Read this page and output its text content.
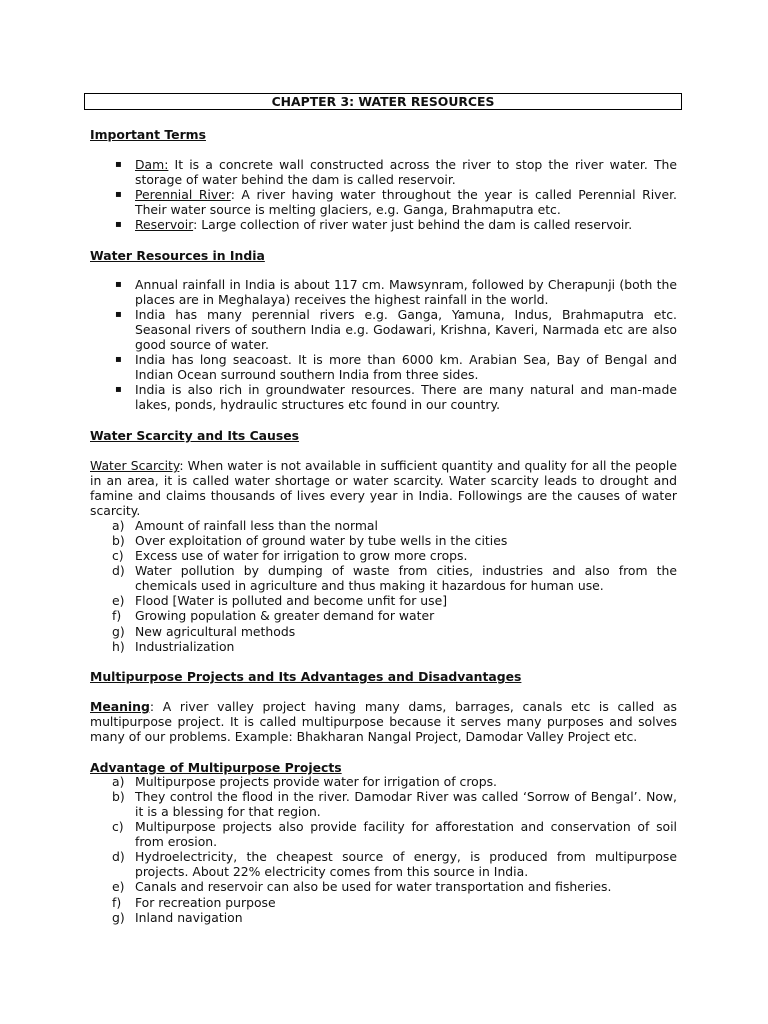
CHAPTER 3: WATER RESOURCES
Important Terms
▪ Dam: It is a concrete wall constructed across the river to stop the river water. The storage of water behind the dam is called reservoir.
▪ Perennial River: A river having water throughout the year is called Perennial River. Their water source is melting glaciers, e.g. Ganga, Brahmaputra etc.
▪ Reservoir: Large collection of river water just behind the dam is called reservoir.
Water Resources in India
▪ Annual rainfall in India is about 117 cm. Mawsynram, followed by Cherapunji (both the places are in Meghalaya) receives the highest rainfall in the world.
▪ India has many perennial rivers e.g. Ganga, Yamuna, Indus, Brahmaputra etc. Seasonal rivers of southern India e.g. Godawari, Krishna, Kaveri, Narmada etc are also good source of water.
▪ India has long seacoast. It is more than 6000 km. Arabian Sea, Bay of Bengal and Indian Ocean surround southern India from three sides.
▪ India is also rich in groundwater resources. There are many natural and man-made lakes, ponds, hydraulic structures etc found in our country.
Water Scarcity and Its Causes
Water Scarcity: When water is not available in sufficient quantity and quality for all the people in an area, it is called water shortage or water scarcity. Water scarcity leads to drought and famine and claims thousands of lives every year in India. Followings are the causes of water scarcity.
a) Amount of rainfall less than the normal
b) Over exploitation of ground water by tube wells in the cities
c) Excess use of water for irrigation to grow more crops.
d) Water pollution by dumping of waste from cities, industries and also from the chemicals used in agriculture and thus making it hazardous for human use.
e) Flood [Water is polluted and become unfit for use]
f) Growing population & greater demand for water
g) New agricultural methods
h) Industrialization
Multipurpose Projects and Its Advantages and Disadvantages
Meaning: A river valley project having many dams, barrages, canals etc is called as multipurpose project. It is called multipurpose because it serves many purposes and solves many of our problems. Example: Bhakharan Nangal Project, Damodar Valley Project etc.
Advantage of Multipurpose Projects
a) Multipurpose projects provide water for irrigation of crops.
b) They control the flood in the river. Damodar River was called ‘Sorrow of Bengal’. Now, it is a blessing for that region.
c) Multipurpose projects also provide facility for afforestation and conservation of soil from erosion.
d) Hydroelectricity, the cheapest source of energy, is produced from multipurpose projects. About 22% electricity comes from this source in India.
e) Canals and reservoir can also be used for water transportation and fisheries.
f) For recreation purpose
g) Inland navigation
